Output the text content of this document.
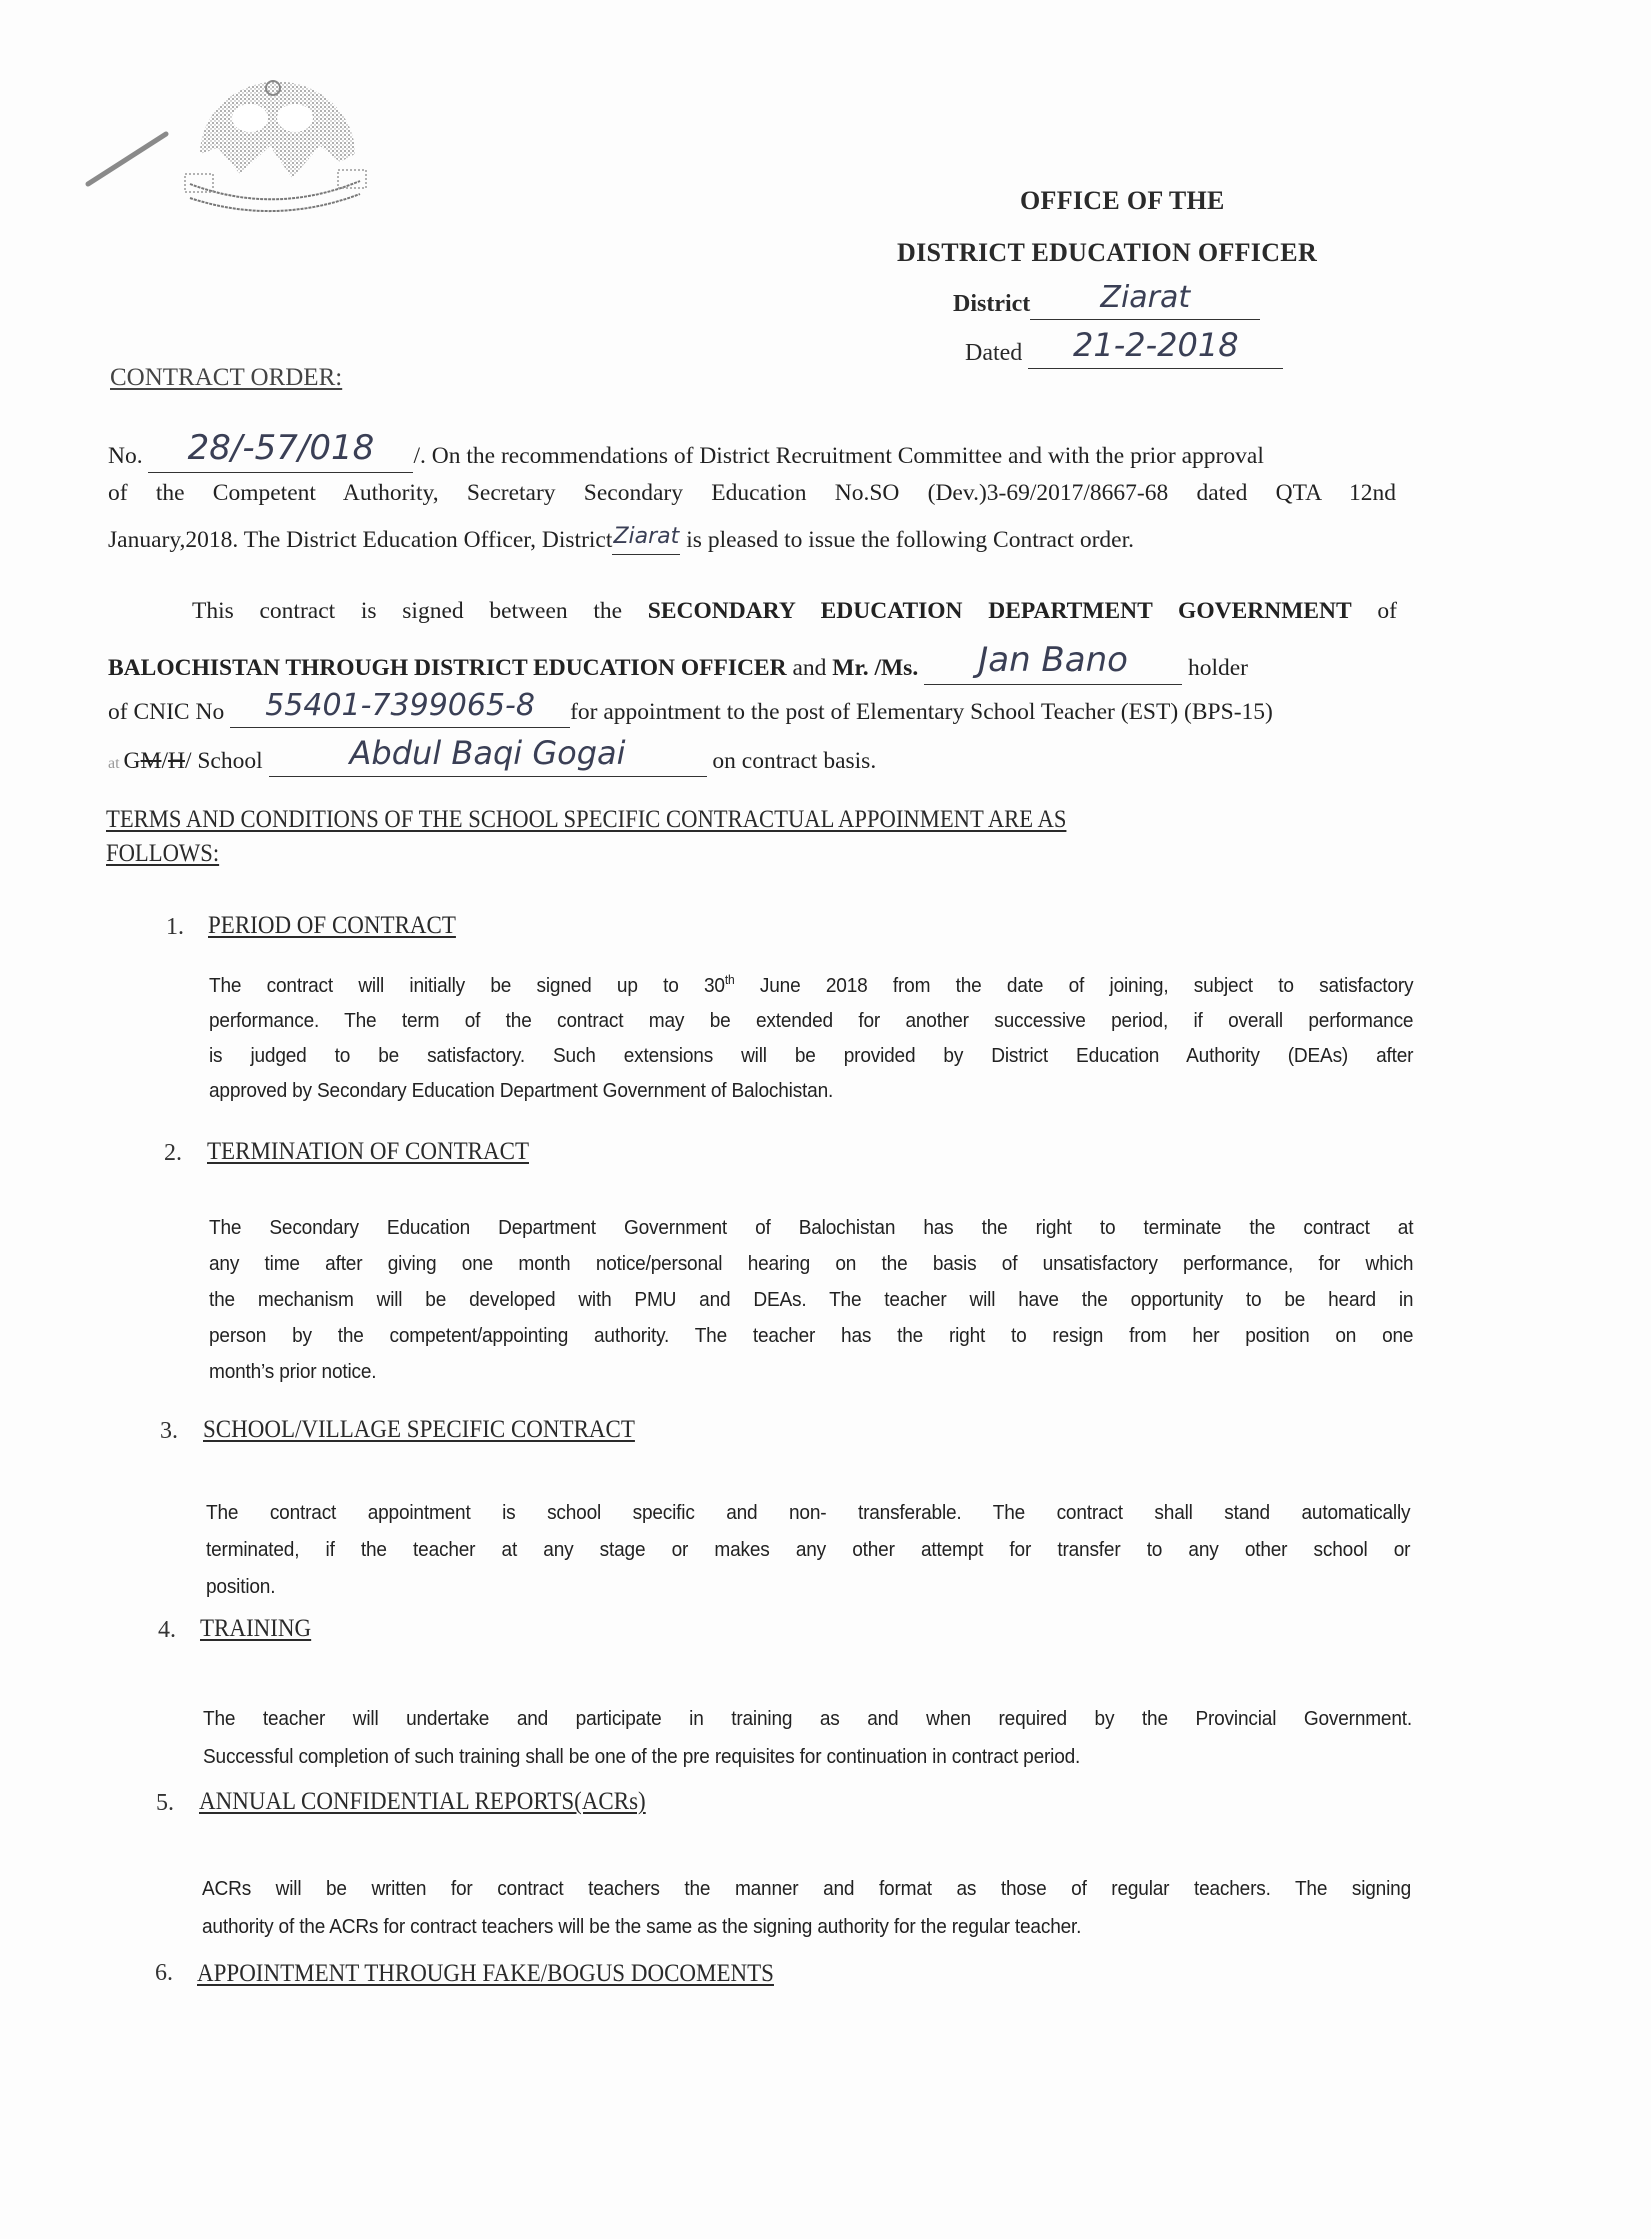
OFFICE OF THE
DISTRICT EDUCATION OFFICER
District Ziarat
Dated 21-2-2018
CONTRACT ORDER:
No. 28/-57/018 /. On the recommendations of District Recruitment Committee and with the prior approval
of the Competent Authority, Secretary Secondary Education No.SO (Dev.)3-69/2017/8667-68 dated QTA 12nd
January,2018. The District Education Officer, DistrictZiarat is pleased to issue the following Contract order.
This contract is signed between the SECONDARY EDUCATION DEPARTMENT GOVERNMENT of
BALOCHISTAN THROUGH DISTRICT EDUCATION OFFICER and Mr. /Ms. Jan Bano	holder
of CNIC No 55401-7399065-8 for appointment to the post of Elementary School Teacher (EST) (BPS-15)
at GM/H/ School	Abdul Baqi Gogai	on contract basis.
TERMS AND CONDITIONS OF THE SCHOOL SPECIFIC CONTRACTUAL APPOINMENT ARE AS
FOLLOWS:
1. PERIOD OF CONTRACT
The contract will initially be signed up to 30th June 2018 from the date of joining, subject to satisfactory
performance. The term of the contract may be extended for another successive period, if overall performance
is judged to be satisfactory. Such extensions will be provided by District Education Authority (DEAs) after
approved by Secondary Education Department Government of Balochistan.
2. TERMINATION OF CONTRACT
The Secondary Education Department Government of Balochistan has the right to terminate the contract at
any time after giving one month notice/personal hearing on the basis of unsatisfactory performance, for which
the mechanism will be developed with PMU and DEAs. The teacher will have the opportunity to be heard in
person by the competent/appointing authority. The teacher has the right to resign from her position on one
month’s prior notice.
3. SCHOOL/VILLAGE SPECIFIC CONTRACT
The contract appointment is school specific and non- transferable. The contract shall stand automatically
terminated, if the teacher at any stage or makes any other attempt for transfer to any other school or
position.
4. TRAINING
The teacher will undertake and participate in training as and when required by the Provincial Government.
Successful completion of such training shall be one of the pre requisites for continuation in contract period.
5. ANNUAL CONFIDENTIAL REPORTS(ACRs)
ACRs will be written for contract teachers the manner and format as those of regular teachers. The signing
authority of the ACRs for contract teachers will be the same as the signing authority for the regular teacher.
6. APPOINTMENT THROUGH FAKE/BOGUS DOCOMENTS
